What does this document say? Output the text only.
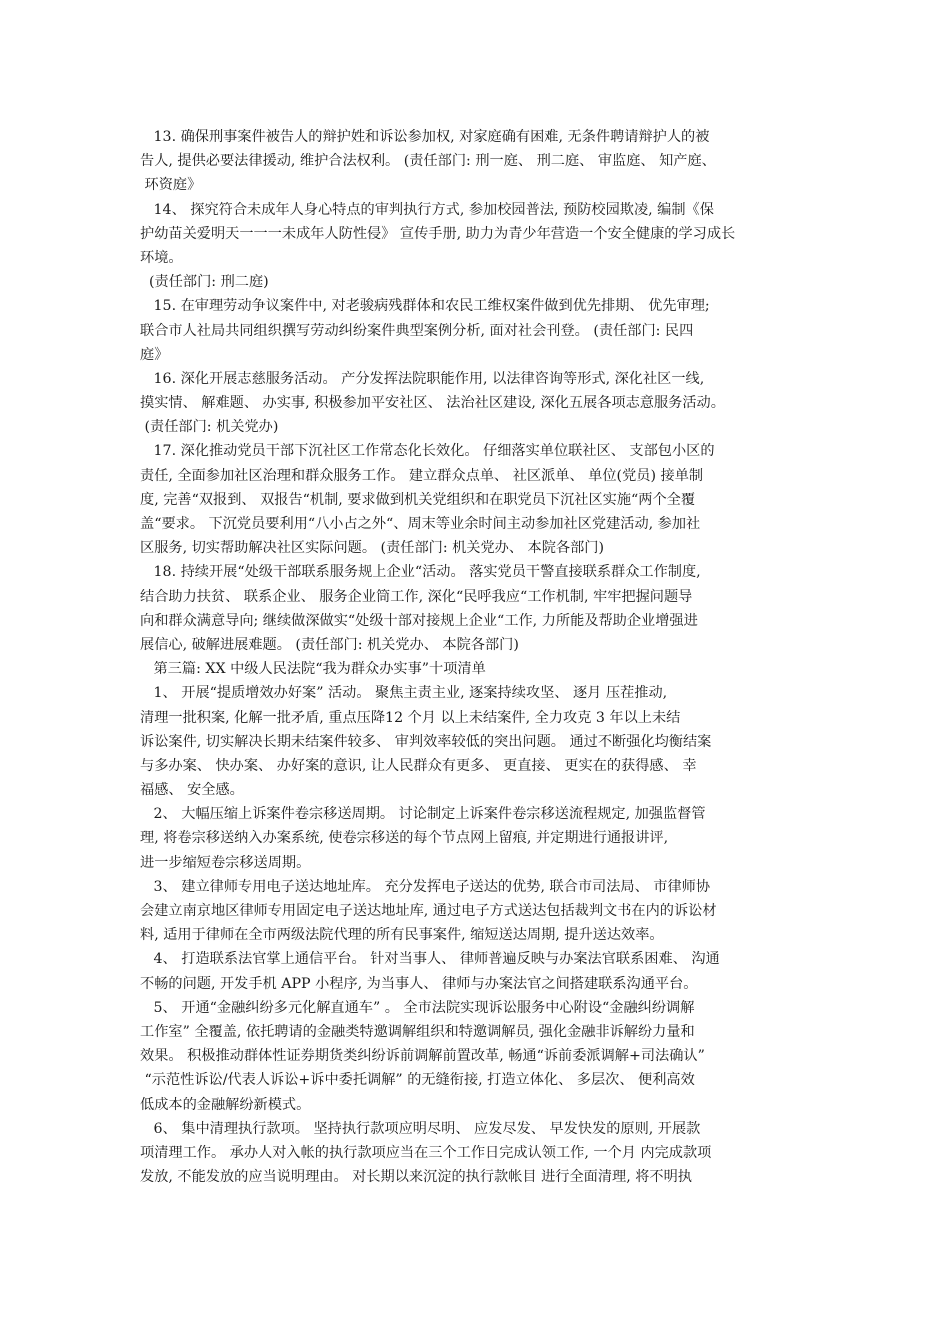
13. 确保刑事案件被告人的辩护姓和诉讼参加权, 对家庭确有困难, 无条件聘请辩护人的被
告人, 提供必要法律援动, 维护合法权利。 (责任部门: 刑一庭、 刑二庭、 审监庭、 知产庭、
环资庭》
14、 探究符合未成年人身心特点的审判执行方式, 参加校园普法, 预防校园欺凌, 编制《保
护幼苗关爱明天一一一未成年人防性侵》 宣传手册, 助力为青少年营造一个安全健康的学习成长
环境。
(责任部门: 刑二庭)
15. 在审理劳动争议案件中, 对老骏病残群体和农民工维权案件做到优先排期、 优先审理;
联合市人社局共同组织撰写劳动纠纷案件典型案例分析, 面对社会刊登。 (责任部门: 民四
庭》
16. 深化开展志慈服务活动。 产分发挥法院职能作用, 以法律咨询等形式, 深化社区一线,
摸实情、 解难题、 办实事, 积极参加平安社区、 法治社区建设, 深化五展各项志意服务活动。
(责任部门: 机关党办)
17. 深化推动党员干部下沉社区工作常态化长效化。 仔细落实单位联社区、 支部包小区的
责任, 全面参加社区治理和群众服务工作。 建立群众点单、 社区派单、 单位(党员) 接单制
度, 完善“双报到、 双报告“机制, 要求做到机关党组织和在职党员下沉社区实施“两个全覆
盖“要求。 下沉党员要利用“八小占之外“、周末等业余时间主动参加社区党建活动, 参加社
区服务, 切实帮助解决社区实际问题。 (责任部门: 机关党办、 本院各部门)
18. 持续开展“处级干部联系服务规上企业“活动。 落实党员干警直接联系群众工作制度,
结合助力扶贫、 联系企业、 服务企业筒工作, 深化“民呼我应“工作机制, 牢牢把握问题导
向和群众满意导向; 继续做深做实“处级十部对接规上企业“工作, 力所能及帮助企业增强进
展信心, 破解进展难题。 (责任部门: 机关党办、 本院各部门)
第三篇: XX 中级人民法院“我为群众办实事”十项清单
1、 开展“提质增效办好案” 活动。 聚焦主责主业, 逐案持续攻坚、 逐月 压茬推动,
清理一批积案, 化解一批矛盾, 重点压降12 个月 以上未结案件, 全力攻克 3 年以上未结
诉讼案件, 切实解决长期未结案件较多、 审判效率较低的突出问题。 通过不断强化均衡结案
与多办案、 快办案、 办好案的意识, 让人民群众有更多、 更直接、 更实在的获得感、 幸
福感、 安全感。
2、 大幅压缩上诉案件卷宗移送周期。 讨论制定上诉案件卷宗移送流程规定, 加强监督管
理, 将卷宗移送纳入办案系统, 使卷宗移送的每个节点网上留痕, 并定期进行通报讲评,
进一步缩短卷宗移送周期。
3、 建立律师专用电子送达地址库。 充分发挥电子送达的优势, 联合市司法局、 市律师协
会建立南京地区律师专用固定电子送达地址库, 通过电子方式送达包括裁判文书在内的诉讼材
料, 适用于律师在全市两级法院代理的所有民事案件, 缩短送达周期, 提升送达效率。
4、 打造联系法官掌上通信平台。 针对当事人、 律师普遍反映与办案法官联系困难、 沟通
不畅的问题, 开发手机 APP 小程序, 为当事人、 律师与办案法官之间搭建联系沟通平台。
5、 开通“金融纠纷多元化解直通车” 。 全市法院实现诉讼服务中心附设“金融纠纷调解
工作室” 全覆盖, 依托聘请的金融类特邀调解组织和特邀调解员, 强化金融非诉解纷力量和
效果。 积极推动群体性证券期货类纠纷诉前调解前置改革, 畅通“诉前委派调解+司法确认”
“示范性诉讼/代表人诉讼+诉中委托调解” 的无缝衔接, 打造立体化、 多层次、 便利高效
低成本的金融解纷新模式。
6、 集中清理执行款项。 坚持执行款项应明尽明、 应发尽发、 早发快发的原则, 开展款
项清理工作。 承办人对入帐的执行款项应当在三个工作日完成认领工作, 一个月 内完成款项
发放, 不能发放的应当说明理由。 对长期以来沉淀的执行款帐目 进行全面清理, 将不明执
